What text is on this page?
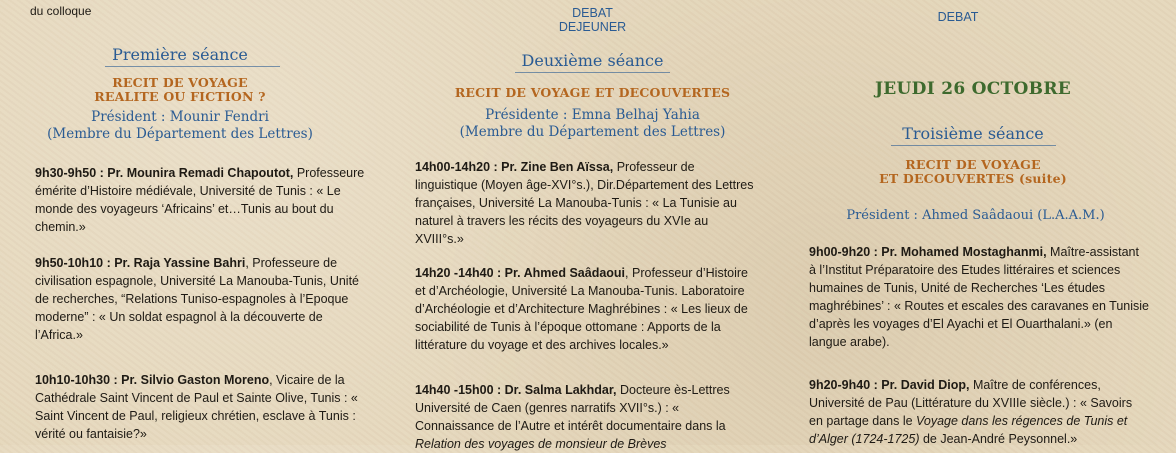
du colloque
Première séance
RECIT DE VOYAGE
REALITE OU FICTION ?
Président : Mounir Fendri
(Membre du Département des Lettres)
9h30-9h50 : Pr. Mounira Remadi Chapoutot, Professeure émérite d’Histoire médiévale, Université de Tunis : « Le monde des voyageurs ‘Africains’ et…Tunis au bout du chemin.»
9h50-10h10 : Pr. Raja Yassine Bahri, Professeure de civilisation espagnole, Université La Manouba-Tunis, Unité de recherches, “Relations Tuniso-espagnoles à l’Epoque moderne” : « Un soldat espagnol à la découverte de l’Africa.»
10h10-10h30 : Pr. Silvio Gaston Moreno, Vicaire de la Cathédrale Saint Vincent de Paul et Sainte Olive, Tunis : « Saint Vincent de Paul, religieux chrétien, esclave à Tunis : vérité ou fantaisie?»
DEBAT
DEJEUNER
Deuxième séance
RECIT DE VOYAGE ET DECOUVERTES
Présidente : Emna Belhaj Yahia
(Membre du Département des Lettres)
14h00-14h20 : Pr. Zine Ben Aïssa, Professeur de linguistique (Moyen âge-XVI°s.), Dir.Département des Lettres françaises, Université La Manouba-Tunis : « La Tunisie au naturel à travers les récits des voyageurs du XVIe au XVIII°s.»
14h20 -14h40 : Pr. Ahmed Saâdaoui, Professeur d’Histoire et d’Archéologie, Université La Manouba-Tunis. Laboratoire d’Archéologie et d’Architecture Maghrébines : « Les lieux de sociabilité de Tunis à l’époque ottomane : Apports de la littérature du voyage et des archives locales.»
14h40 -15h00 : Dr. Salma Lakhdar, Docteure ès-Lettres Université de Caen (genres narratifs XVII°s.) : « Connaissance de l’Autre et intérêt documentaire dans la Relation des voyages de monsieur de Brèves
DEBAT
JEUDI 26 OCTOBRE
Troisième séance
RECIT DE VOYAGE
ET DECOUVERTES (suite)
Président : Ahmed Saâdaoui (L.A.A.M.)
9h00-9h20 : Pr. Mohamed Mostaghanmi, Maître-assistant à l’Institut Préparatoire des Etudes littéraires et sciences humaines de Tunis, Unité de Recherches ‘Les études maghrébines’ : « Routes et escales des caravanes en Tunisie d’après les voyages d’El Ayachi et El Ouarthalani.» (en langue arabe).
9h20-9h40 : Pr. David Diop, Maître de conférences, Université de Pau (Littérature du XVIIIe siècle.) : « Savoirs en partage dans le Voyage dans les régences de Tunis et d’Alger (1724-1725) de Jean-André Peysonnel.»
